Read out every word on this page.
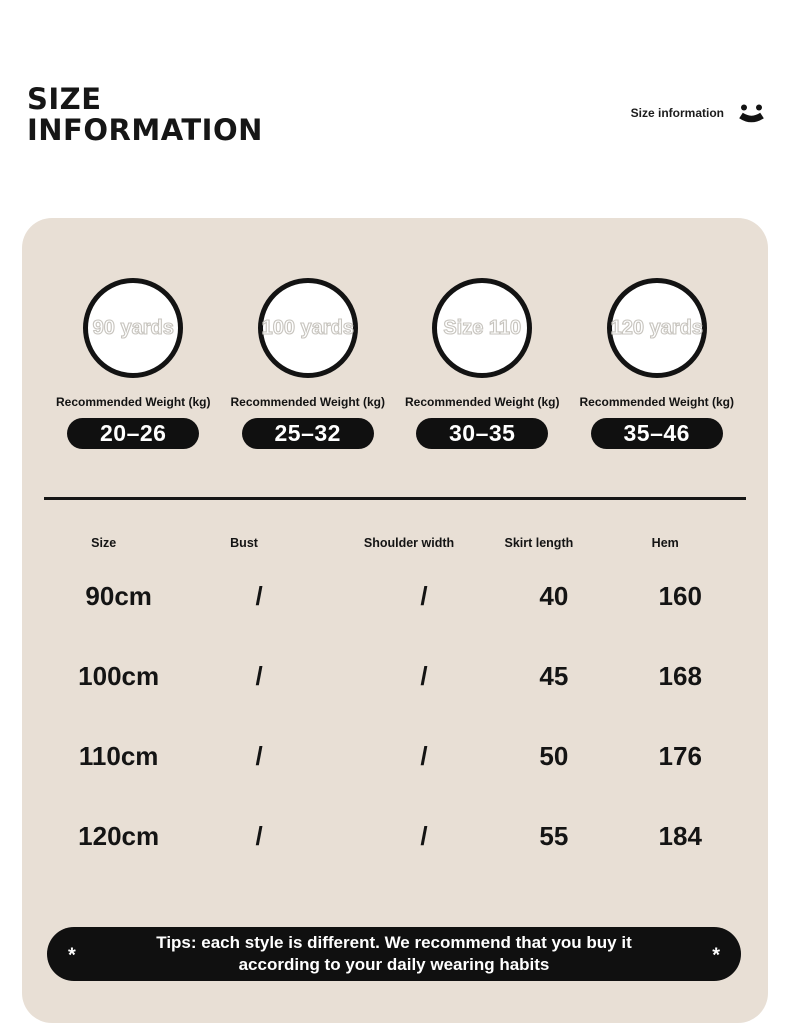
SIZE
INFORMATION	Size information
90 yards
Recommended Weight (kg)
20–26
100 yards
Recommended Weight (kg)
25–32
Size 110
Recommended Weight (kg)
30–35
120 yards
Recommended Weight (kg)
35–46
Size	Bust	Shoulder width	Skirt length	Hem
90cm	/	/	40	160
100cm	/	/	45	168
110cm	/	/	50	176
120cm	/	/	55	184
*
Tips: each style is different. We recommend that you buy it
according to your daily wearing habits	*
